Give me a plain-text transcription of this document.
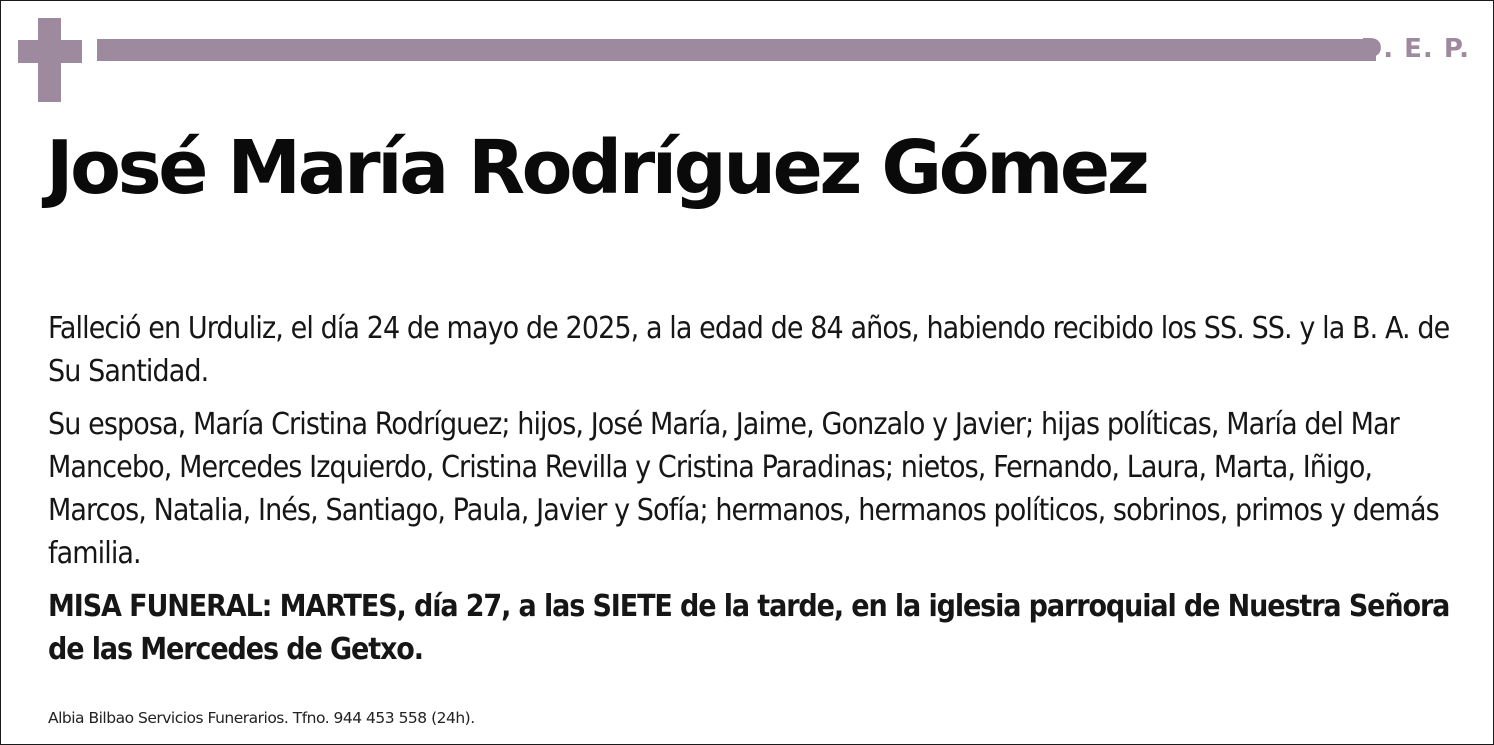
D. E. P.
José María Rodríguez Gómez

Falleció en Urduliz, el día 24 de mayo de 2025, a la edad de 84 años, habiendo recibido los SS. SS. y la B. A. de Su Santidad.

Su esposa, María Cristina Rodríguez; hijos, José María, Jaime, Gonzalo y Javier; hijas políticas, María del Mar Mancebo, Mercedes Izquierdo, Cristina Revilla y Cristina Paradinas; nietos, Fernando, Laura, Marta, Iñigo, Marcos, Natalia, Inés, Santiago, Paula, Javier y Sofía; hermanos, hermanos políticos, sobrinos, primos y demás familia.

MISA FUNERAL: MARTES, día 27, a las SIETE de la tarde, en la iglesia parroquial de Nuestra Señora de las Mercedes de Getxo.

Albia Bilbao Servicios Funerarios. Tfno. 944 453 558 (24h).
